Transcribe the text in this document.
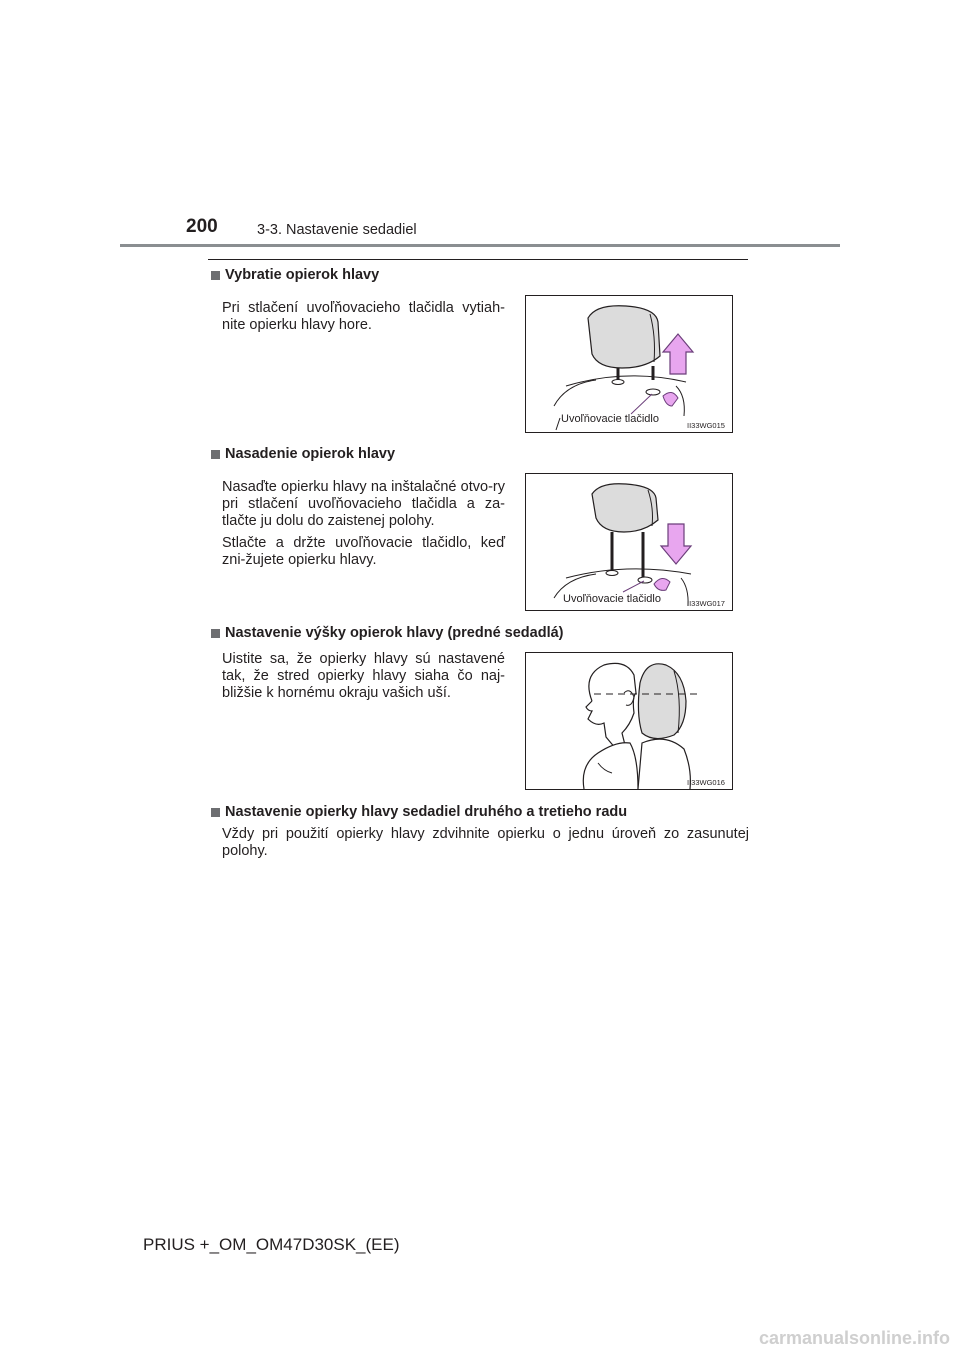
200	3-3. Nastavenie sedadiel
Vybratie opierok hlavy
Pri stlačení uvoľňovacieho tlačidla vytiah-nite opierku hlavy hore.
Uvoľňovacie tlačidlo
II33WG015
Nasadenie opierok hlavy
Nasaďte opierku hlavy na inštalačné otvo-ry pri stlačení uvoľňovacieho tlačidla a za-tlačte ju dolu do zaistenej polohy.
Stlačte a držte uvoľňovacie tlačidlo, keď zni-žujete opierku hlavy.
Uvoľňovacie tlačidlo	II33WG017
Nastavenie výšky opierok hlavy (predné sedadlá)
Uistite sa, že opierky hlavy sú nastavené tak, že stred opierky hlavy siaha čo naj-bližšie k hornému okraju vašich uší.
II33WG016
Nastavenie opierky hlavy sedadiel druhého a tretieho radu
Vždy pri použití opierky hlavy zdvihnite opierku o jednu úroveň zo zasunutej polohy.
PRIUS +_OM_OM47D30SK_(EE)
carmanualsonline.info
